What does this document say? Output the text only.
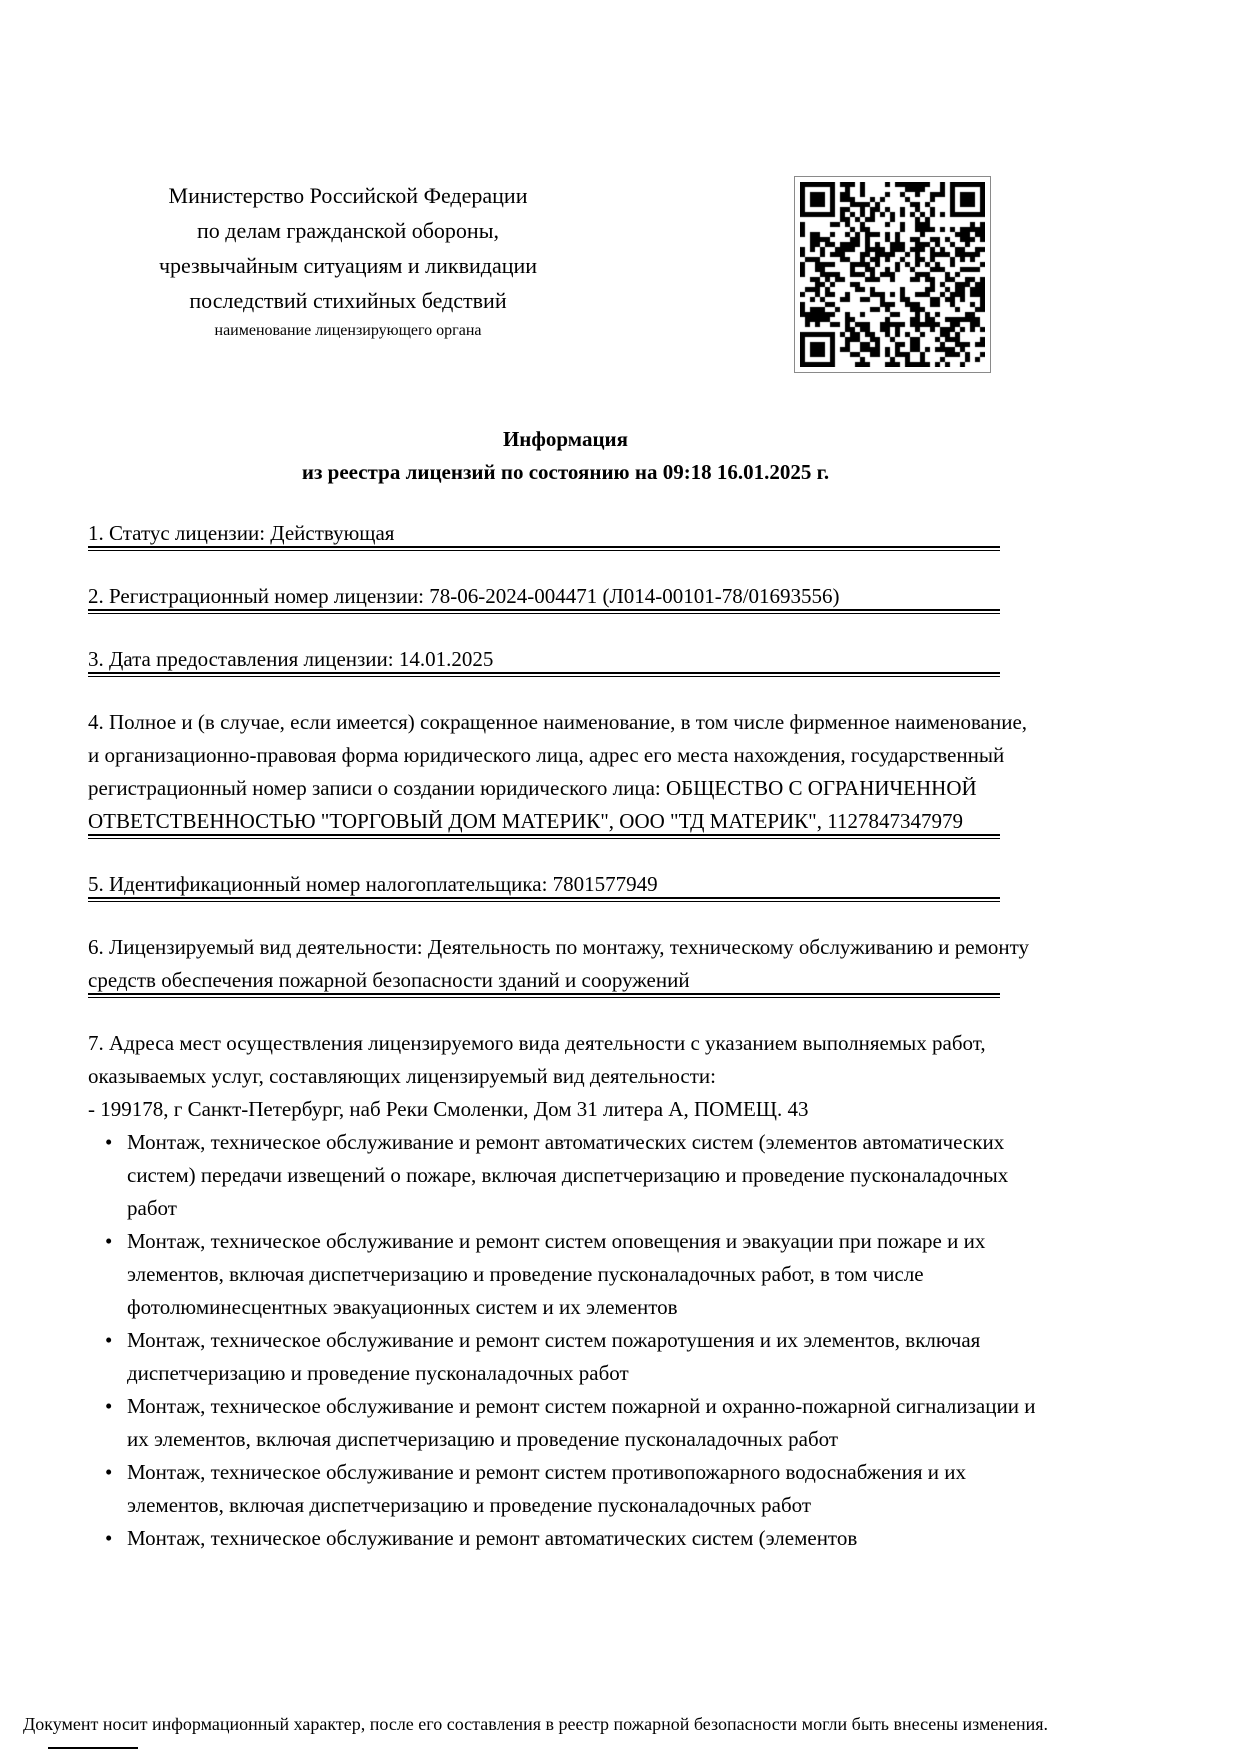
Министерство Российской Федерации
по делам гражданской обороны,
чрезвычайным ситуациям и ликвидации
последствий стихийных бедствий
наименование лицензирующего органа
Информация
из реестра лицензий по состоянию на 09:18 16.01.2025 г.
1. Статус лицензии: Действующая
2. Регистрационный номер лицензии: 78-06-2024-004471 (Л014-00101-78/01693556)
3. Дата предоставления лицензии: 14.01.2025
4. Полное и (в случае, если имеется) сокращенное наименование, в том числе фирменное наименование, и организационно-правовая форма юридического лица, адрес его места нахождения, государственный регистрационный номер записи о создании юридического лица: ОБЩЕСТВО С ОГРАНИЧЕННОЙ ОТВЕТСТВЕННОСТЬЮ "ТОРГОВЫЙ ДОМ МАТЕРИК", ООО "ТД МАТЕРИК", 1127847347979
5. Идентификационный номер налогоплательщика: 7801577949
6. Лицензируемый вид деятельности: Деятельность по монтажу, техническому обслуживанию и ремонту средств обеспечения пожарной безопасности зданий и сооружений
7. Адреса мест осуществления лицензируемого вида деятельности с указанием выполняемых работ, оказываемых услуг, составляющих лицензируемый вид деятельности:
- 199178, г Санкт-Петербург, наб Реки Смоленки, Дом 31 литера А, ПОМЕЩ. 43
• Монтаж, техническое обслуживание и ремонт автоматических систем (элементов автоматических систем) передачи извещений о пожаре, включая диспетчеризацию и проведение пусконаладочных работ
• Монтаж, техническое обслуживание и ремонт систем оповещения и эвакуации при пожаре и их элементов, включая диспетчеризацию и проведение пусконаладочных работ, в том числе фотолюминесцентных эвакуационных систем и их элементов
• Монтаж, техническое обслуживание и ремонт систем пожаротушения и их элементов, включая диспетчеризацию и проведение пусконаладочных работ
• Монтаж, техническое обслуживание и ремонт систем пожарной и охранно-пожарной сигнализации и их элементов, включая диспетчеризацию и проведение пусконаладочных работ
• Монтаж, техническое обслуживание и ремонт систем противопожарного водоснабжения и их элементов, включая диспетчеризацию и проведение пусконаладочных работ
• Монтаж, техническое обслуживание и ремонт автоматических систем (элементов
Документ носит информационный характер, после его составления в реестр пожарной безопасности могли быть внесены изменения.
